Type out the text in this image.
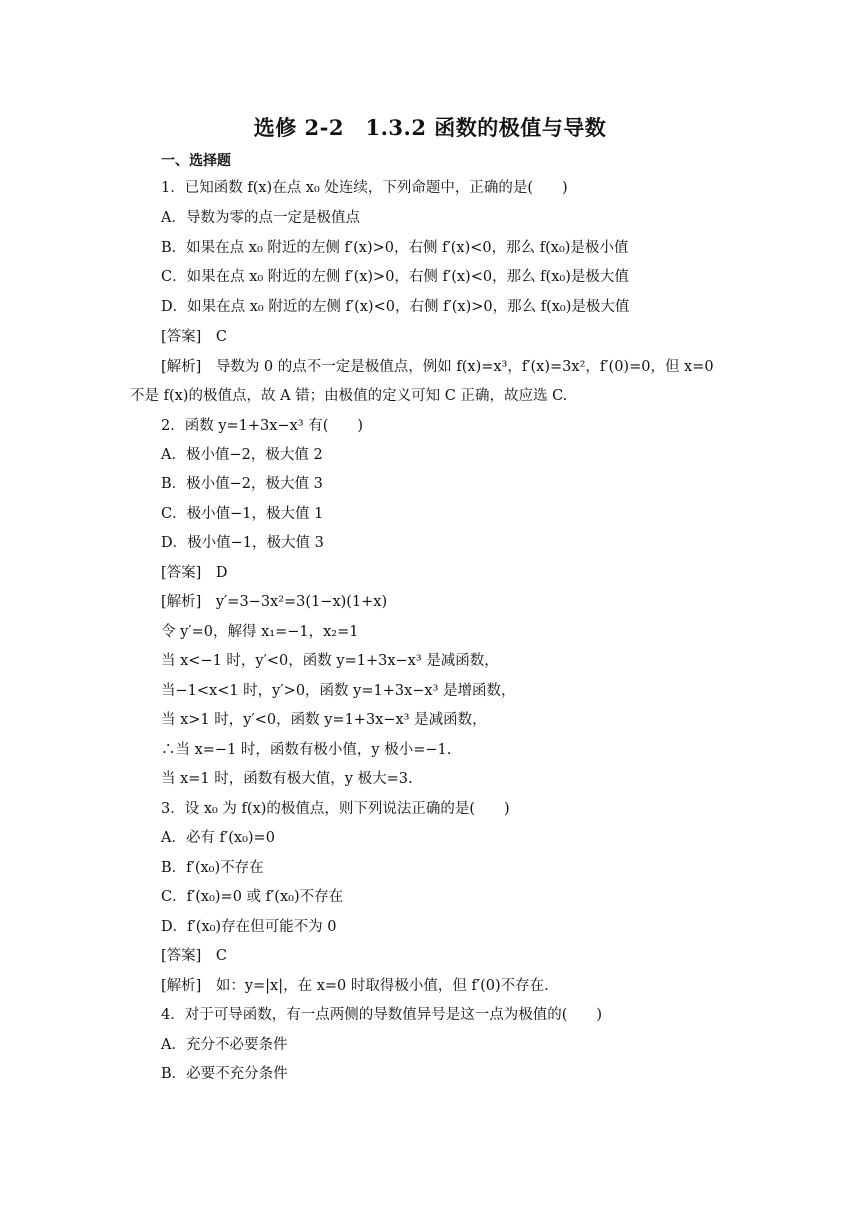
选修 2-2　1.3.2 函数的极值与导数
一、选择题
1．已知函数 f(x)在点 x₀ 处连续，下列命题中，正确的是(　　)
A．导数为零的点一定是极值点
B．如果在点 x₀ 附近的左侧 f′(x)>0，右侧 f′(x)<0，那么 f(x₀)是极小值
C．如果在点 x₀ 附近的左侧 f′(x)>0，右侧 f′(x)<0，那么 f(x₀)是极大值
D．如果在点 x₀ 附近的左侧 f′(x)<0，右侧 f′(x)>0，那么 f(x₀)是极大值
[答案]　C
[解析]　导数为 0 的点不一定是极值点，例如 f(x)=x³，f′(x)=3x²，f′(0)=0，但 x=0
不是 f(x)的极值点，故 A 错；由极值的定义可知 C 正确，故应选 C.
2．函数 y=1+3x−x³ 有(　　)
A．极小值−2，极大值 2
B．极小值−2，极大值 3
C．极小值−1，极大值 1
D．极小值−1，极大值 3
[答案]　D
[解析]　y′=3−3x²=3(1−x)(1+x)
令 y′=0，解得 x₁=−1，x₂=1
当 x<−1 时，y′<0，函数 y=1+3x−x³ 是减函数，
当−1<x<1 时，y′>0，函数 y=1+3x−x³ 是增函数，
当 x>1 时，y′<0，函数 y=1+3x−x³ 是减函数，
∴当 x=−1 时，函数有极小值，y 极小=−1.
当 x=1 时，函数有极大值，y 极大=3.
3．设 x₀ 为 f(x)的极值点，则下列说法正确的是(　　)
A．必有 f′(x₀)=0
B．f′(x₀)不存在
C．f′(x₀)=0 或 f′(x₀)不存在
D．f′(x₀)存在但可能不为 0
[答案]　C
[解析]　如：y=|x|，在 x=0 时取得极小值，但 f′(0)不存在.
4．对于可导函数，有一点两侧的导数值异号是这一点为极值的(　　)
A．充分不必要条件
B．必要不充分条件
